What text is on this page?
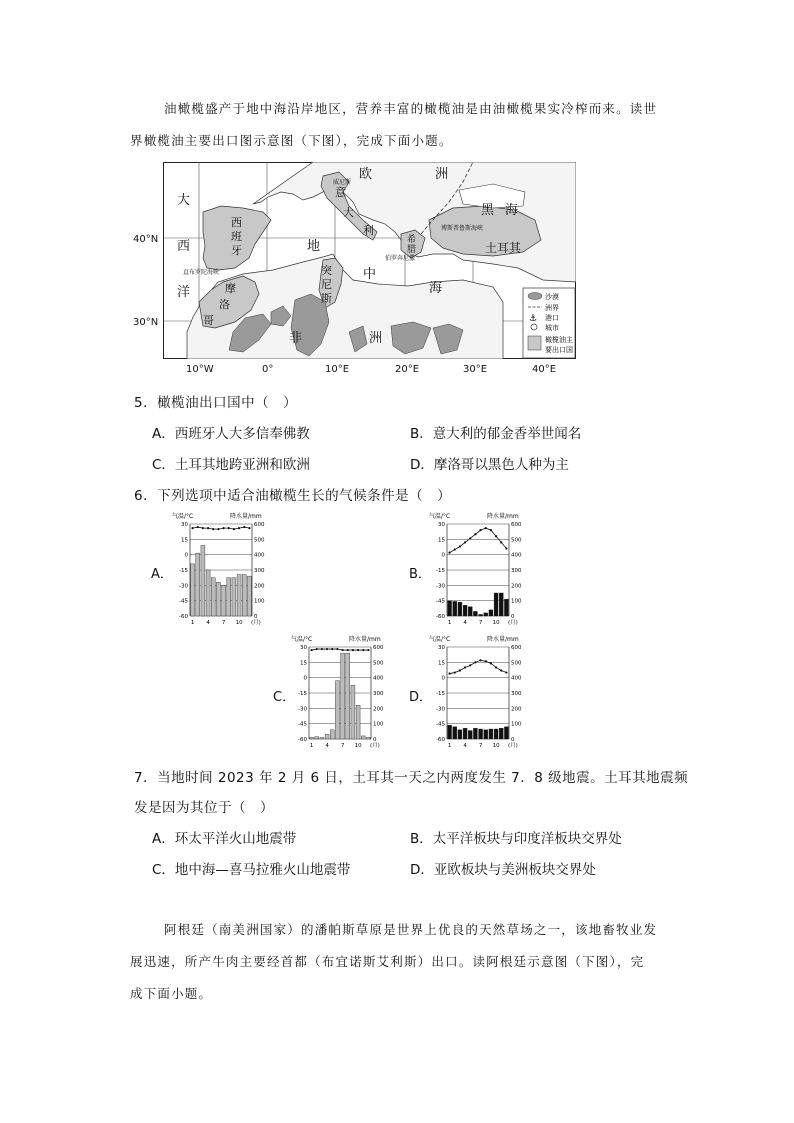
油橄榄盛产于地中海沿岸地区，营养丰富的橄榄油是由油橄榄果实冷榨而来。读世
界橄榄油主要出口图示意图（下图），完成下面小题。
大
西
洋
地
中
海
欧	洲
黑 海
土耳其
非	洲
西
班
牙
意
大
利
希
腊
突
尼
斯
摩
洛
哥
威尼斯
博斯普鲁斯海峡
直布罗陀海峡
伯罗奔尼撒
沙漠
洲界
⚓ 港口
城市
橄榄油主
要出口国
40°N
30°N
10°W	0°	10°E	20°E	30°E	40°E
5．橄榄油出口国中（　）
A．西班牙人大多信奉佛教	B．意大利的郁金香举世闻名
C．土耳其地跨亚洲和欧洲	D．摩洛哥以黑色人种为主
6．下列选项中适合油橄榄生长的气候条件是（　）
A．	B．
C．	D．
气温/°C	降水量/mm
30	600
15	500
0	400
-15	300
-30	200
-45	100
-60	0
1 4 7 10 (月)
气温/°C	降水量/mm
30	600
15	500
0	400
-15	300
-30	200
-45	100
-60	0
1 4 7 10 (月)
气温/°C	降水量/mm
30	600
15	500
0	400
-15	300
-30	200
-45	100
-60	0
1 4 7 10 (月)
气温/°C	降水量/mm
30	600
15	500
0	400
-15	300
-30	200
-45	100
-60	0
1 4 7 10 (月)
7．当地时间 2023 年 2 月 6 日，土耳其一天之内两度发生 7．8 级地震。土耳其地震频
发是因为其位于（　）
A．环太平洋火山地震带	B．太平洋板块与印度洋板块交界处
C．地中海—喜马拉雅火山地震带	D．亚欧板块与美洲板块交界处
阿根廷（南美洲国家）的潘帕斯草原是世界上优良的天然草场之一，该地畜牧业发
展迅速，所产牛肉主要经首都（布宜诺斯艾利斯）出口。读阿根廷示意图（下图），完
成下面小题。
